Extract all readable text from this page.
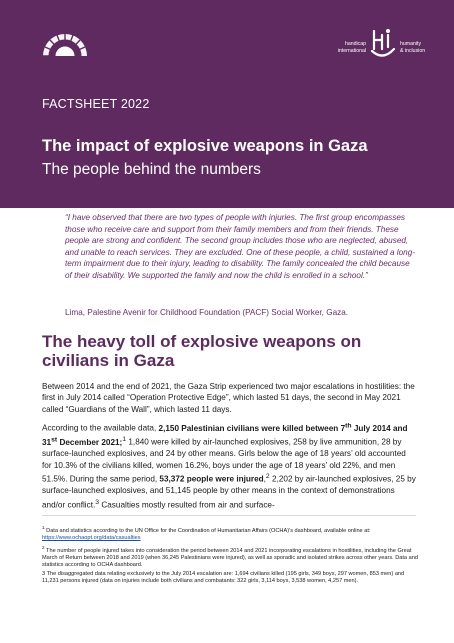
handicap
international
humanity
& inclusion
FACTSHEET 2022
The impact of explosive weapons in Gaza
The people behind the numbers
“I have observed that there are two types of people with injuries. The first group encompasses those who receive care and support from their family members and from their friends. These people are strong and confident. The second group includes those who are neglected, abused, and unable to reach services. They are excluded. One of these people, a child, sustained a long-term impairment due to their injury, leading to disability. The family concealed the child because of their disability. We supported the family and now the child is enrolled in a school.”
Lima, Palestine Avenir for Childhood Foundation (PACF) Social Worker, Gaza.
The heavy toll of explosive weapons on civilians in Gaza
Between 2014 and the end of 2021, the Gaza Strip experienced two major escalations in hostilities: the first in July 2014 called “Operation Protective Edge”, which lasted 51 days, the second in May 2021 called “Guardians of the Wall”, which lasted 11 days.
According to the available data, 2,150 Palestinian civilians were killed between 7th July 2014 and 31st December 2021;$^1$ 1,840 were killed by air-launched explosives, 258 by live ammunition, 28 by surface-launched explosives, and 24 by other means. Girls below the age of 18 years’ old accounted for 10.3% of the civilians killed, women 16.2%, boys under the age of 18 years’ old 22%, and men 51.5%. During the same period, 53,372 people were injured,$^2$ 2,202 by air-launched explosives, 25 by surface-launched explosives, and 51,145 people by other means in the context of demonstrations and/or conflict.$^3$ Casualties mostly resulted from air and surface-

$^1$ Data and statistics according to the UN Office for the Coordination of Humanitarian Affairs (OCHA)’s dashboard, available online at: https://www.ochaopt.org/data/casualties

$^2$ The number of people injured takes into consideration the period between 2014 and 2021 incorporating escalations in hostilities, including the Great March of Return between 2018 and 2019 (when 36,245 Palestinians were injured), as well as sporadic and isolated strikes across other years. Data and statistics according to OCHA dashboard.

3 The disaggregated data relating exclusively to the July 2014 escalation are: 1,694 civilians killed (195 girls, 349 boys, 297 women, 853 men) and 11,231 persons injured (data on injuries include both civilians and combatants: 322 girls, 3,114 boys, 3,538 women, 4,257 men).
